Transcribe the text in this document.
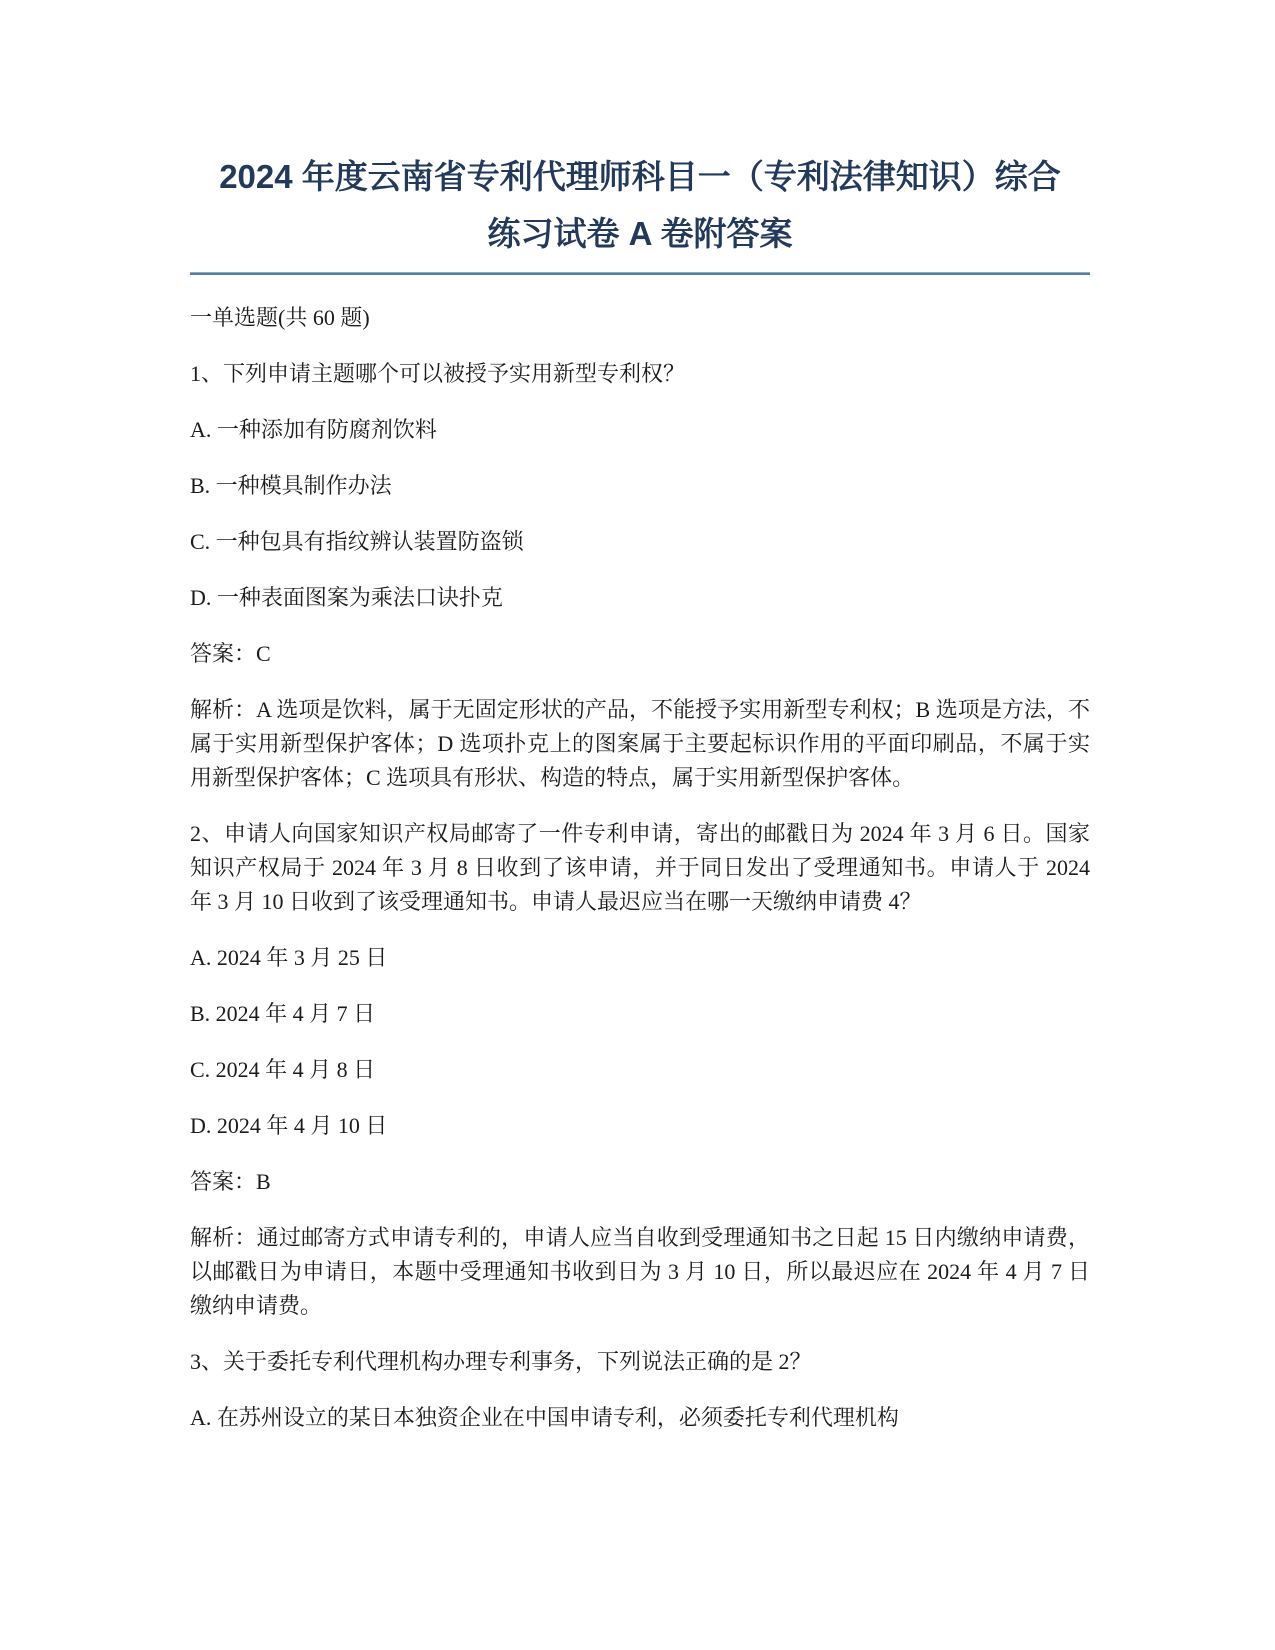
2024 年度云南省专利代理师科目一（专利法律知识）综合练习试卷 A 卷附答案

一单选题(共 60 题)

1、下列申请主题哪个可以被授予实用新型专利权？

A. 一种添加有防腐剂饮料

B. 一种模具制作办法

C. 一种包具有指纹辨认装置防盗锁

D. 一种表面图案为乘法口诀扑克

答案：C

解析：A 选项是饮料，属于无固定形状的产品，不能授予实用新型专利权；B 选项是方法，不属于实用新型保护客体；D 选项扑克上的图案属于主要起标识作用的平面印刷品，不属于实用新型保护客体；C 选项具有形状、构造的特点，属于实用新型保护客体。

2、申请人向国家知识产权局邮寄了一件专利申请，寄出的邮戳日为 2024 年 3 月 6 日。国家知识产权局于 2024 年 3 月 8 日收到了该申请，并于同日发出了受理通知书。申请人于 2024 年 3 月 10 日收到了该受理通知书。申请人最迟应当在哪一天缴纳申请费 4？

A. 2024 年 3 月 25 日

B. 2024 年 4 月 7 日

C. 2024 年 4 月 8 日

D. 2024 年 4 月 10 日

答案：B

解析：通过邮寄方式申请专利的，申请人应当自收到受理通知书之日起 15 日内缴纳申请费，以邮戳日为申请日，本题中受理通知书收到日为 3 月 10 日，所以最迟应在 2024 年 4 月 7 日缴纳申请费。

3、关于委托专利代理机构办理专利事务，下列说法正确的是 2？

A. 在苏州设立的某日本独资企业在中国申请专利，必须委托专利代理机构
